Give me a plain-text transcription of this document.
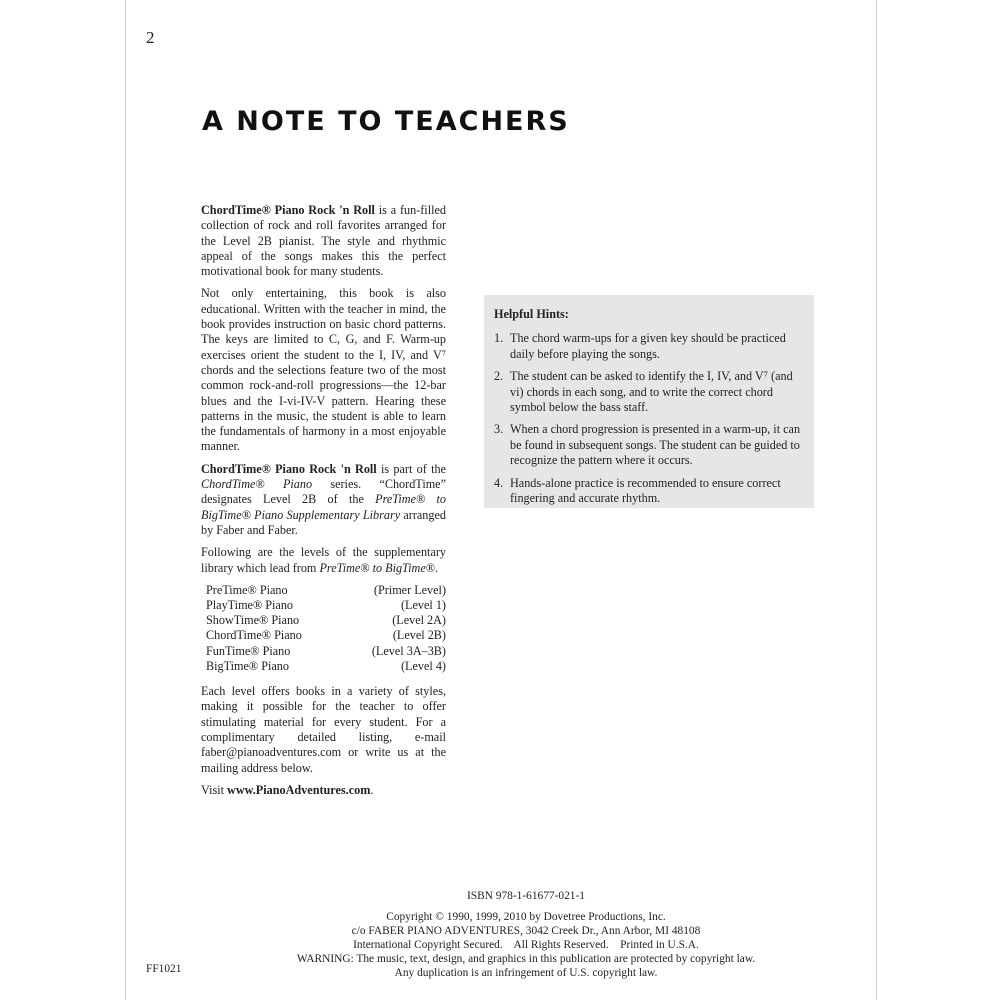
2
A NOTE TO TEACHERS

ChordTime® Piano Rock 'n Roll is a fun-filled collection of rock and roll favorites arranged for the Level 2B pianist. The style and rhythmic appeal of the songs makes this the perfect motivational book for many students.

Not only entertaining, this book is also educational. Written with the teacher in mind, the book provides instruction on basic chord patterns. The keys are limited to C, G, and F. Warm-up exercises orient the student to the I, IV, and V⁷ chords and the selections feature two of the most common rock-and-roll progressions—the 12-bar blues and the I-vi-IV-V pattern. Hearing these patterns in the music, the student is able to learn the fundamentals of harmony in a most enjoyable manner.

ChordTime® Piano Rock 'n Roll is part of the ChordTime® Piano series. “ChordTime” designates Level 2B of the PreTime® to BigTime® Piano Supplementary Library arranged by Faber and Faber.

Following are the levels of the supplementary library which lead from PreTime® to BigTime®.

PreTime® Piano	(Primer Level)
PlayTime® Piano	(Level 1)
ShowTime® Piano	(Level 2A)
ChordTime® Piano	(Level 2B)
FunTime® Piano	(Level 3A–3B)
BigTime® Piano	(Level 4)

Each level offers books in a variety of styles, making it possible for the teacher to offer stimulating material for every student. For a complimentary detailed listing, e-mail faber@pianoadventures.com or write us at the mailing address below.

Visit www.PianoAdventures.com.

Helpful Hints:
1. The chord warm-ups for a given key should be practiced daily before playing the songs.
2. The student can be asked to identify the I, IV, and V⁷ (and vi) chords in each song, and to write the correct chord symbol below the bass staff.
3. When a chord progression is presented in a warm-up, it can be found in subsequent songs. The student can be guided to recognize the pattern where it occurs.
4. Hands-alone practice is recommended to ensure correct fingering and accurate rhythm.
ISBN 978-1-61677-021-1
Copyright © 1990, 1999, 2010 by Dovetree Productions, Inc.
c/o FABER PIANO ADVENTURES, 3042 Creek Dr., Ann Arbor, MI 48108
International Copyright Secured.    All Rights Reserved.    Printed in U.S.A.
WARNING: The music, text, design, and graphics in this publication are protected by copyright law.
Any duplication is an infringement of U.S. copyright law.
FF1021
